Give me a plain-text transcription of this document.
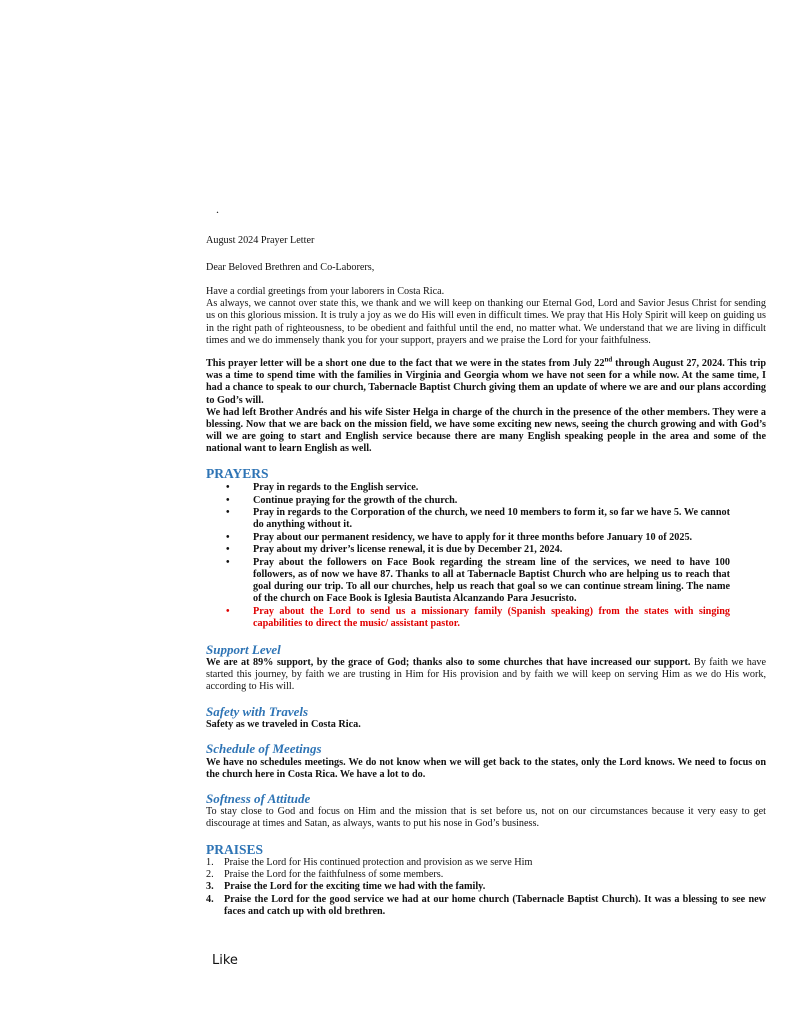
.
August 2024 Prayer Letter
Dear Beloved Brethren and Co-Laborers,

Have a cordial greetings from your laborers in Costa Rica.

As always, we cannot over state this, we thank and we will keep on thanking our Eternal God, Lord and Savior Jesus Christ for sending us on this glorious mission. It is truly a joy as we do His will even in difficult times. We pray that His Holy Spirit will keep on guiding us in the right path of righteousness, to be obedient and faithful until the end, no matter what. We understand that we are living in difficult times and we do immensely thank you for your support, prayers and we praise the Lord for your faithfulness.

This prayer letter will be a short one due to the fact that we were in the states from July 22nd through August 27, 2024. This trip was a time to spend time with the families in Virginia and Georgia whom we have not seen for a while now. At the same time, I had a chance to speak to our church, Tabernacle Baptist Church giving them an update of where we are and our plans according to God’s will.

We had left Brother Andrés and his wife Sister Helga in charge of the church in the presence of the other members. They were a blessing. Now that we are back on the mission field, we have some exciting new news, seeing the church growing and with God’s will we are going to start and English service because there are many English speaking people in the area and some of the national want to learn English as well.

PRAYERS
• Pray in regards to the English service.
• Continue praying for the growth of the church.
• Pray in regards to the Corporation of the church, we need 10 members to form it, so far we have 5. We cannot do anything without it.
• Pray about our permanent residency, we have to apply for it three months before January 10 of 2025.
• Pray about my driver’s license renewal, it is due by December 21, 2024.
• Pray about the followers on Face Book regarding the stream line of the services, we need to have 100 followers, as of now we have 87. Thanks to all at Tabernacle Baptist Church who are helping us to reach that goal during our trip. To all our churches, help us reach that goal so we can continue stream lining. The name of the church on Face Book is Iglesia Bautista Alcanzando Para Jesucristo.
• Pray about the Lord to send us a missionary family (Spanish speaking) from the states with singing capabilities to direct the music/ assistant pastor.
Support Level

We are at 89% support, by the grace of God; thanks also to some churches that have increased our support. By faith we have started this journey, by faith we are trusting in Him for His provision and by faith we will keep on serving Him as we do His work, according to His will.

Safety with Travels

Safety as we traveled in Costa Rica.

Schedule of Meetings

We have no schedules meetings. We do not know when we will get back to the states, only the Lord knows. We need to focus on the church here in Costa Rica. We have a lot to do.

Softness of Attitude

To stay close to God and focus on Him and the mission that is set before us, not on our circumstances because it very easy to get discourage at times and Satan, as always, wants to put his nose in God’s business.

PRAISES
1. Praise the Lord for His continued protection and provision as we serve Him
2. Praise the Lord for the faithfulness of some members.
3. Praise the Lord for the exciting time we had with the family.
4. Praise the Lord for the good service we had at our home church (Tabernacle Baptist Church). It was a blessing to see new faces and catch up with old brethren.
Like
